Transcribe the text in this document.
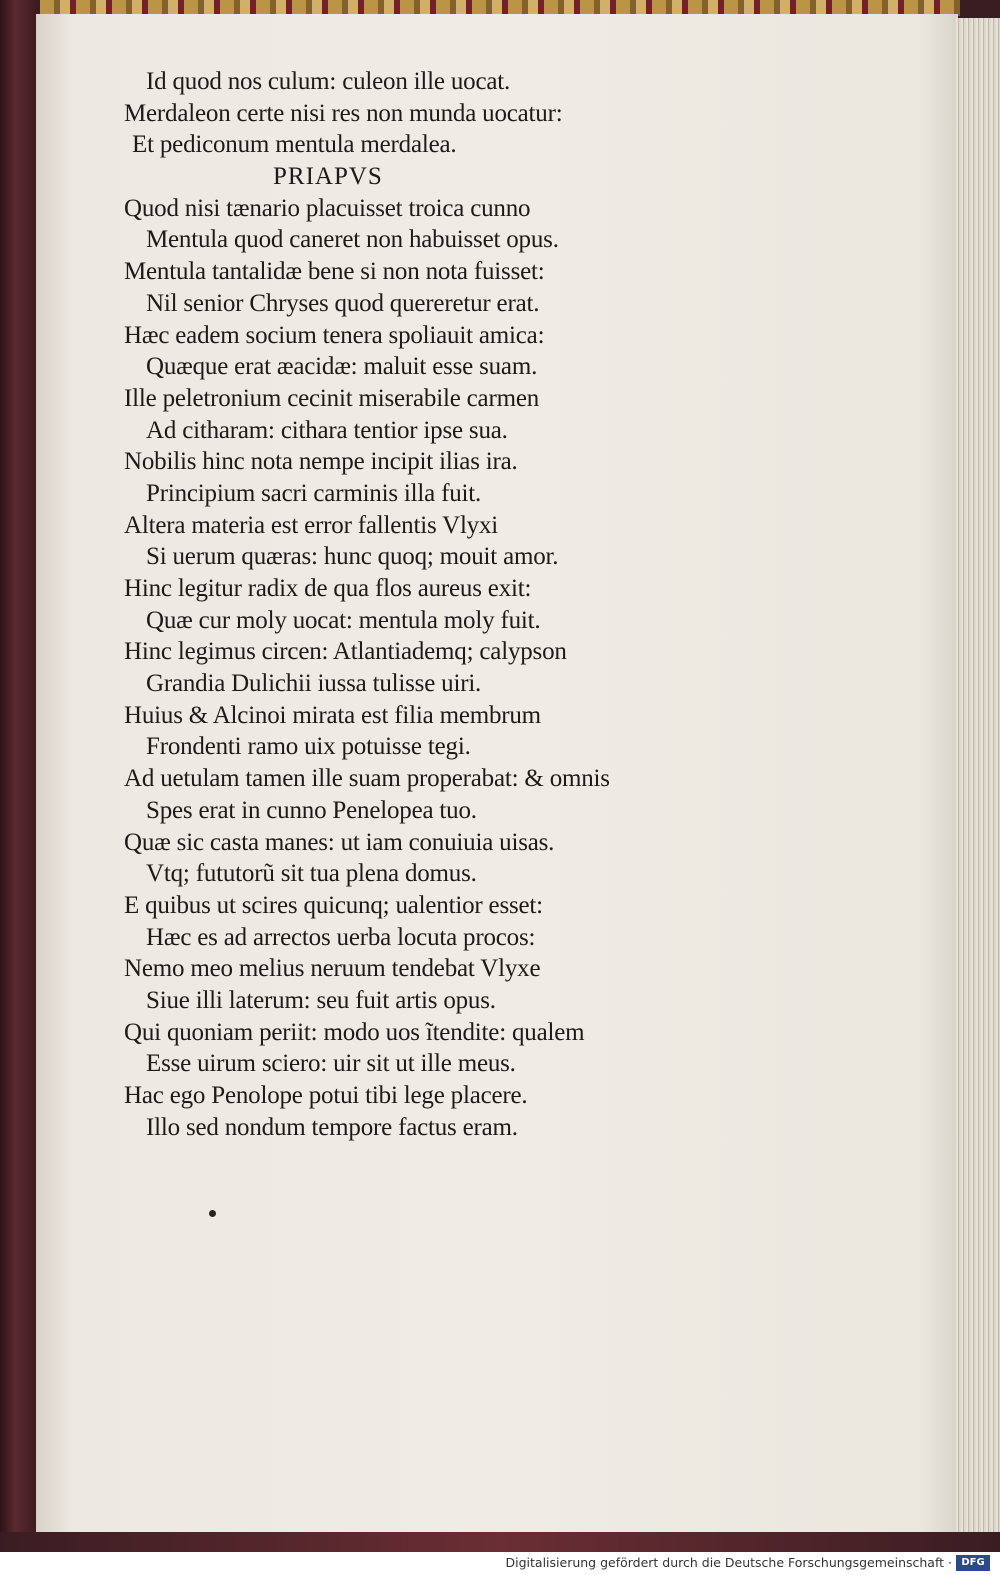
Id quod nos culum: culeon ille uocat.
Merdaleon certe nisi res non munda uocatur:
Et pediconum mentula merdalea.
PRIAPVS
Quod nisi tænario placuisset troica cunno
Mentula quod caneret non habuisset opus.
Mentula tantalidæ bene si non nota fuisset:
Nil senior Chryses quod quereretur erat.
Hæc eadem socium tenera spoliauit amica:
Quæque erat æacidæ: maluit esse suam.
Ille peletronium cecinit miserabile carmen
Ad citharam: cithara tentior ipse sua.
Nobilis hinc nota nempe incipit ilias ira.
Principium sacri carminis illa fuit.
Altera materia est error fallentis Vlyxi
Si uerum quæras: hunc quoq; mouit amor.
Hinc legitur radix de qua flos aureus exit:
Quæ cur moly uocat: mentula moly fuit.
Hinc legimus circen: Atlantiademq; calypson
Grandia Dulichii iussa tulisse uiri.
Huius & Alcinoi mirata est filia membrum
Frondenti ramo uix potuisse tegi.
Ad uetulam tamen ille suam properabat: & omnis
Spes erat in cunno Penelopea tuo.
Quæ sic casta manes: ut iam conuiuia uisas.
Vtq; fututorũ sit tua plena domus.
E quibus ut scires quicunq; ualentior esset:
Hæc es ad arrectos uerba locuta procos:
Nemo meo melius neruum tendebat Vlyxe
Siue illi laterum: seu fuit artis opus.
Qui quoniam periit: modo uos ĩtendite: qualem
Esse uirum sciero: uir sit ut ille meus.
Hac ego Penolope potui tibi lege placere.
Illo sed nondum tempore factus eram.
Digitalisierung gefördert durch die Deutsche Forschungsgemeinschaft · DFG
